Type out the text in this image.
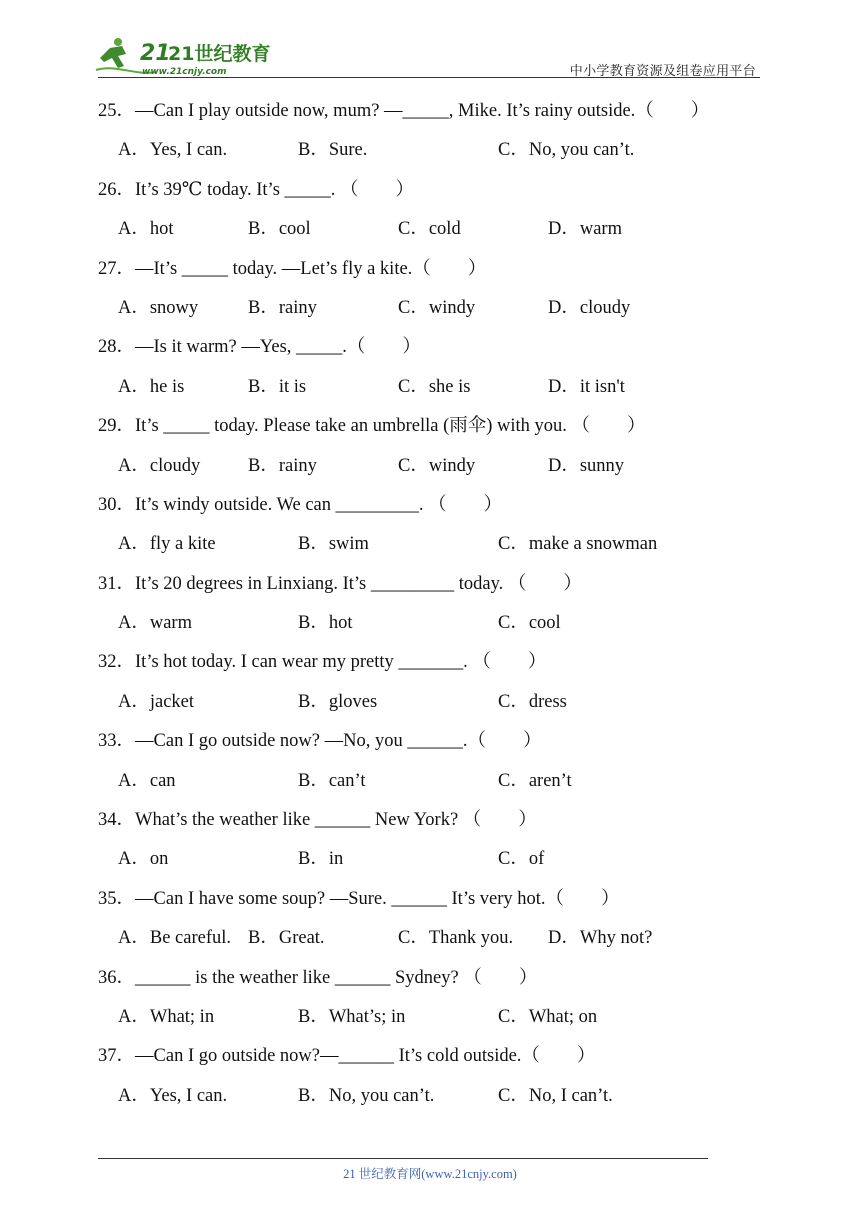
21
21世纪教育
www.21cnjy.com	中小学教育资源及组卷应用平台
25．—Can I play outside now, mum? —_____, Mike. It’s rainy outside.（　　）
A．Yes, I can.	B．Sure.	C．No, you can’t.
26．It’s 39℃ today. It’s _____. （　　）
A．hot	B．cool	C．cold	D．warm
27．—It’s _____ today. —Let’s fly a kite.（　　）
A．snowy	B．rainy	C．windy	D．cloudy
28．—Is it warm? —Yes, _____.（　　）
A．he is	B．it is	C．she is	D．it isn't
29．It’s _____ today. Please take an umbrella (雨伞) with you. （　　）
A．cloudy	B．rainy	C．windy	D．sunny
30．It’s windy outside. We can _________. （　　）
A．fly a kite	B．swim	C．make a snowman
31．It’s 20 degrees in Linxiang. It’s _________ today. （　　）
A．warm	B．hot	C．cool
32．It’s hot today. I can wear my pretty _______. （　　）
A．jacket	B．gloves	C．dress
33．—Can I go outside now? —No, you ______.（　　）
A．can	B．can’t	C．aren’t
34．What’s the weather like ______ New York? （　　）
A．on	B．in	C．of
35．—Can I have some soup? —Sure. ______ It’s very hot.（　　）
A．Be careful. B．Great.	C．Thank you. D．Why not?
36．______ is the weather like ______ Sydney? （　　）
A．What; in	B．What’s; in	C．What; on
37．—Can I go outside now?—______ It’s cold outside.（　　）
A．Yes, I can.	B．No, you can’t.	C．No, I can’t.
21 世纪教育网(www.21cnjy.com)
